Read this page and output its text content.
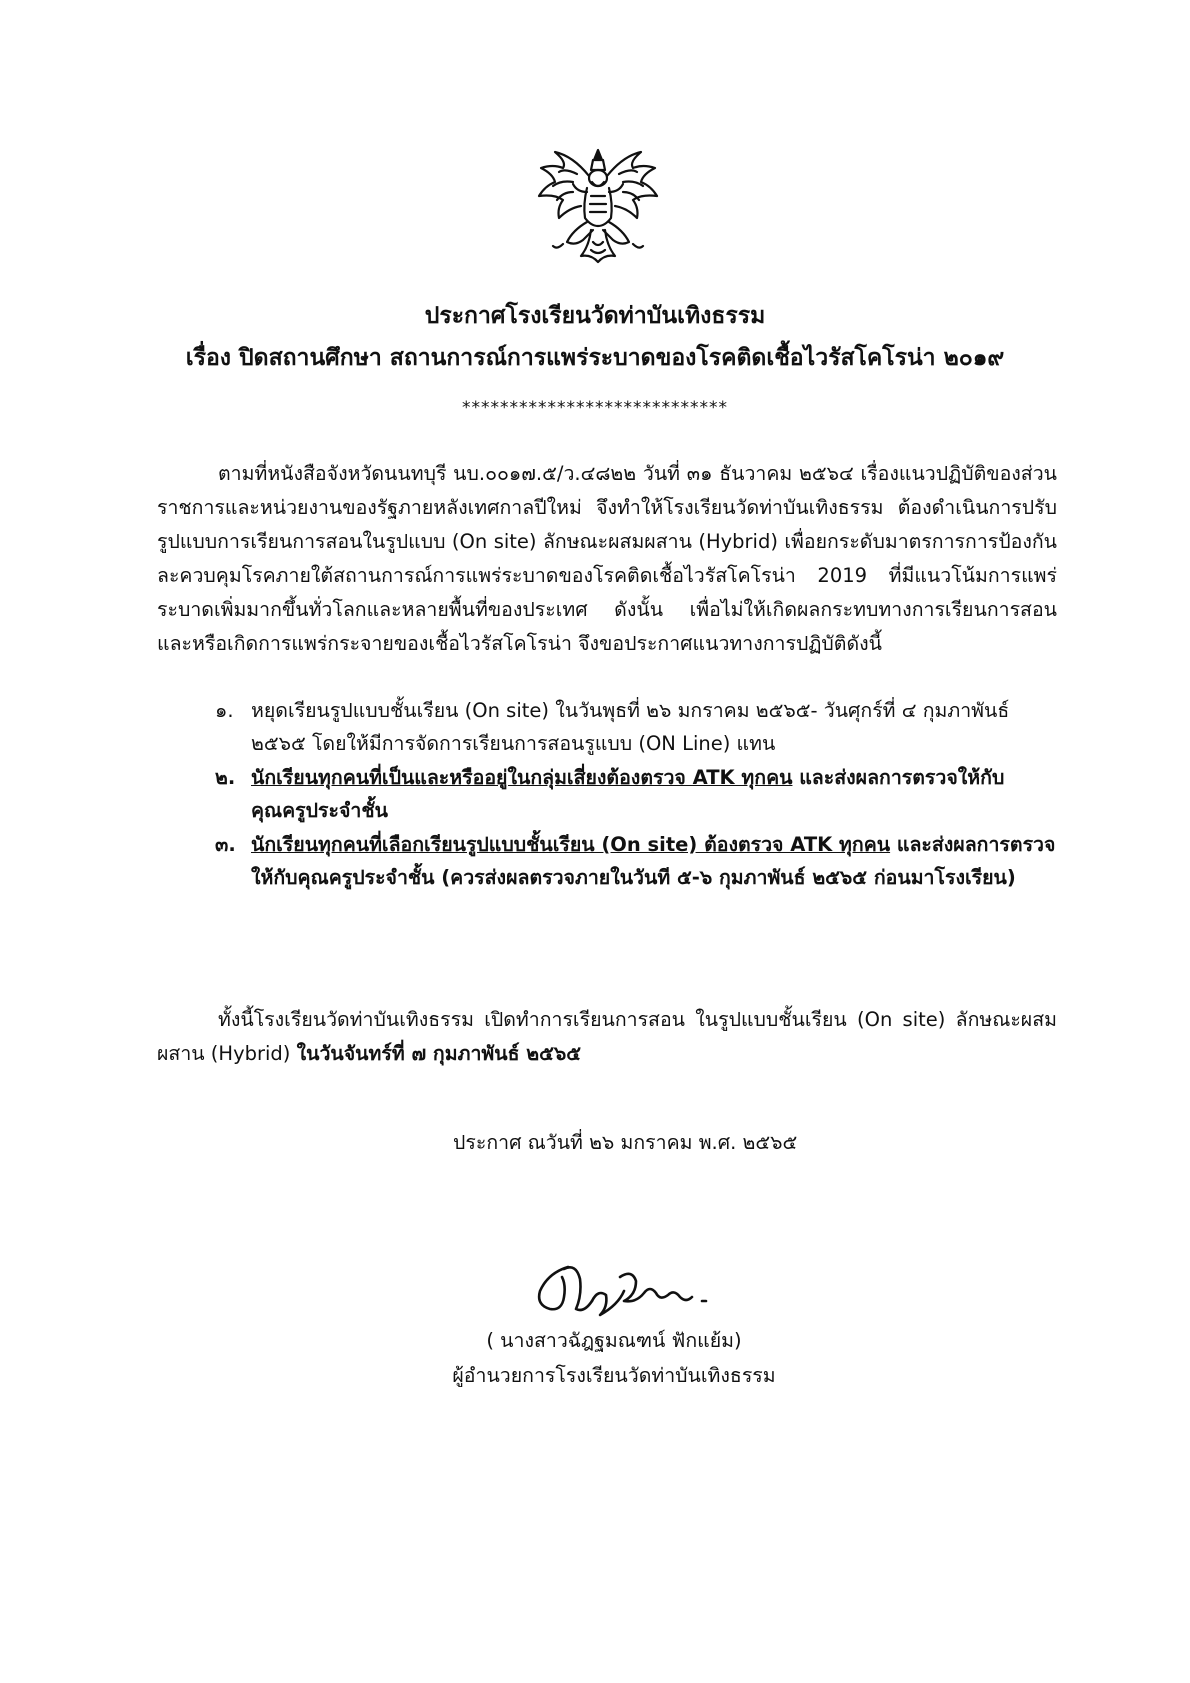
ประกาศโรงเรียนวัดท่าบันเทิงธรรม
เรื่อง ปิดสถานศึกษา สถานการณ์การแพร่ระบาดของโรคติดเชื้อไวรัสโคโรน่า ๒๐๑๙
****************************
ตามที่หนังสือจังหวัดนนทบุรี นบ.๐๐๑๗.๕/ว.๔๘๒๒ วันที่ ๓๑ ธันวาคม ๒๕๖๔ เรื่องแนวปฏิบัติของส่วนราชการและหน่วยงานของรัฐภายหลังเทศกาลปีใหม่ จึงทำให้โรงเรียนวัดท่าบันเทิงธรรม ต้องดำเนินการปรับรูปแบบการเรียนการสอนในรูปแบบ (On site) ลักษณะผสมผสาน (Hybrid) เพื่อยกระดับมาตรการการป้องกันละควบคุมโรคภายใต้สถานการณ์การแพร่ระบาดของโรคติดเชื้อไวรัสโคโรน่า 2019 ที่มีแนวโน้มการแพร่ระบาดเพิ่มมากขึ้นทั่วโลกและหลายพื้นที่ของประเทศ ดังนั้น เพื่อไม่ให้เกิดผลกระทบทางการเรียนการสอน และหรือเกิดการแพร่กระจายของเชื้อไวรัสโคโรน่า จึงขอประกาศแนวทางการปฏิบัติดังนี้
๑. หยุดเรียนรูปแบบชั้นเรียน (On site) ในวันพุธที่ ๒๖ มกราคม ๒๕๖๕- วันศุกร์ที่ ๔ กุมภาพันธ์ ๒๕๖๕ โดยให้มีการจัดการเรียนการสอนรูแบบ (ON Line) แทน
๒. นักเรียนทุกคนที่เป็นและหรืออยู่ในกลุ่มเสี่ยงต้องตรวจ ATK ทุกคน และส่งผลการตรวจให้กับคุณครูประจำชั้น
๓. นักเรียนทุกคนที่เลือกเรียนรูปแบบชั้นเรียน (On site) ต้องตรวจ ATK ทุกคน และส่งผลการตรวจให้กับคุณครูประจำชั้น (ควรส่งผลตรวจภายในวันที ๕-๖ กุมภาพันธ์ ๒๕๖๕ ก่อนมาโรงเรียน)
ทั้งนี้โรงเรียนวัดท่าบันเทิงธรรม เปิดทำการเรียนการสอน ในรูปแบบชั้นเรียน (On site) ลักษณะผสมผสาน (Hybrid) ในวันจันทร์ที่ ๗ กุมภาพันธ์ ๒๕๖๕
ประกาศ ณวันที่ ๒๖ มกราคม พ.ศ. ๒๕๖๕
( นางสาวฉัฎฐมณฑน์ ฟักแย้ม)
ผู้อำนวยการโรงเรียนวัดท่าบันเทิงธรรม
